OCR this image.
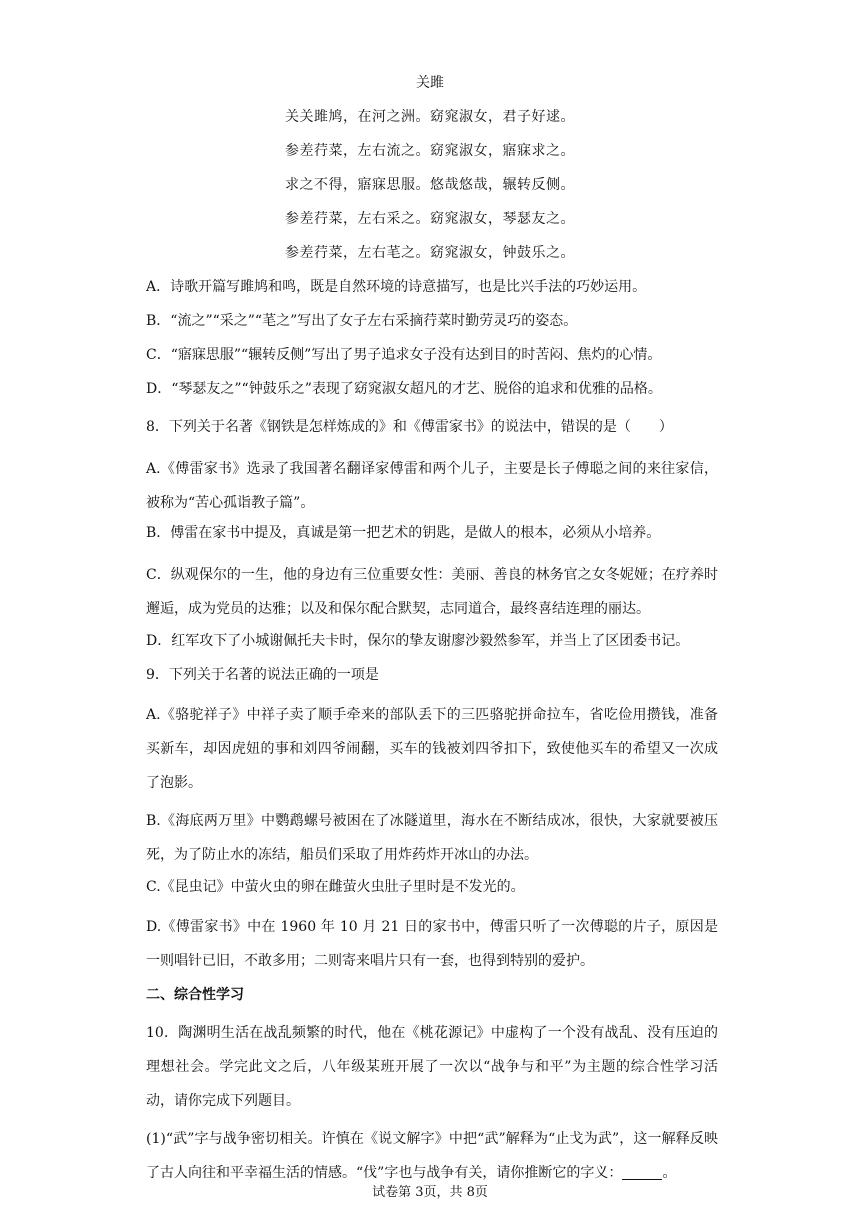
关雎
关关雎鸠，在河之洲。窈窕淑女，君子好逑。
参差荇菜，左右流之。窈窕淑女，寤寐求之。
求之不得，寤寐思服。悠哉悠哉，辗转反侧。
参差荇菜，左右采之。窈窕淑女，琴瑟友之。
参差荇菜，左右芼之。窈窕淑女，钟鼓乐之。

A．诗歌开篇写雎鸠和鸣，既是自然环境的诗意描写，也是比兴手法的巧妙运用。

B．“流之”“采之”“芼之”写出了女子左右采摘荇菜时勤劳灵巧的姿态。

C．“寤寐思服”“辗转反侧”写出了男子追求女子没有达到目的时苦闷、焦灼的心情。

D．“琴瑟友之”“钟鼓乐之”表现了窈窕淑女超凡的才艺、脱俗的追求和优雅的品格。

8．下列关于名著《钢铁是怎样炼成的》和《傅雷家书》的说法中，错误的是（　　）

A.《傅雷家书》选录了我国著名翻译家傅雷和两个儿子，主要是长子傅聪之间的来往家信，被称为“苦心孤诣教子篇”。

B．傅雷在家书中提及，真诚是第一把艺术的钥匙，是做人的根本，必须从小培养。

C．纵观保尔的一生，他的身边有三位重要女性：美丽、善良的林务官之女冬妮娅；在疗养时邂逅，成为党员的达雅；以及和保尔配合默契，志同道合，最终喜结连理的丽达。

D．红军攻下了小城谢佩托夫卡时，保尔的挚友谢廖沙毅然参军，并当上了区团委书记。

9．下列关于名著的说法正确的一项是

A.《骆驼祥子》中祥子卖了顺手牵来的部队丢下的三匹骆驼拼命拉车，省吃俭用攒钱，准备买新车，却因虎妞的事和刘四爷闹翻，买车的钱被刘四爷扣下，致使他买车的希望又一次成了泡影。

B.《海底两万里》中鹦鹉螺号被困在了冰隧道里，海水在不断结成冰，很快，大家就要被压死，为了防止水的冻结，船员们采取了用炸药炸开冰山的办法。

C.《昆虫记》中萤火虫的卵在雌萤火虫肚子里时是不发光的。

D.《傅雷家书》中在 1960 年 10 月 21 日的家书中，傅雷只听了一次傅聪的片子，原因是一则唱针已旧，不敢多用；二则寄来唱片只有一套，也得到特别的爱护。

二、综合性学习

10．陶渊明生活在战乱频繁的时代，他在《桃花源记》中虚构了一个没有战乱、没有压迫的理想社会。学完此文之后，八年级某班开展了一次以“战争与和平”为主题的综合性学习活动，请你完成下列题目。

(1)“武”字与战争密切相关。许慎在《说文解字》中把“武”解释为“止戈为武”，这一解释反映了古人向往和平幸福生活的情感。“伐”字也与战争有关，请你推断它的字义：	。

试卷第 3页，共 8页
